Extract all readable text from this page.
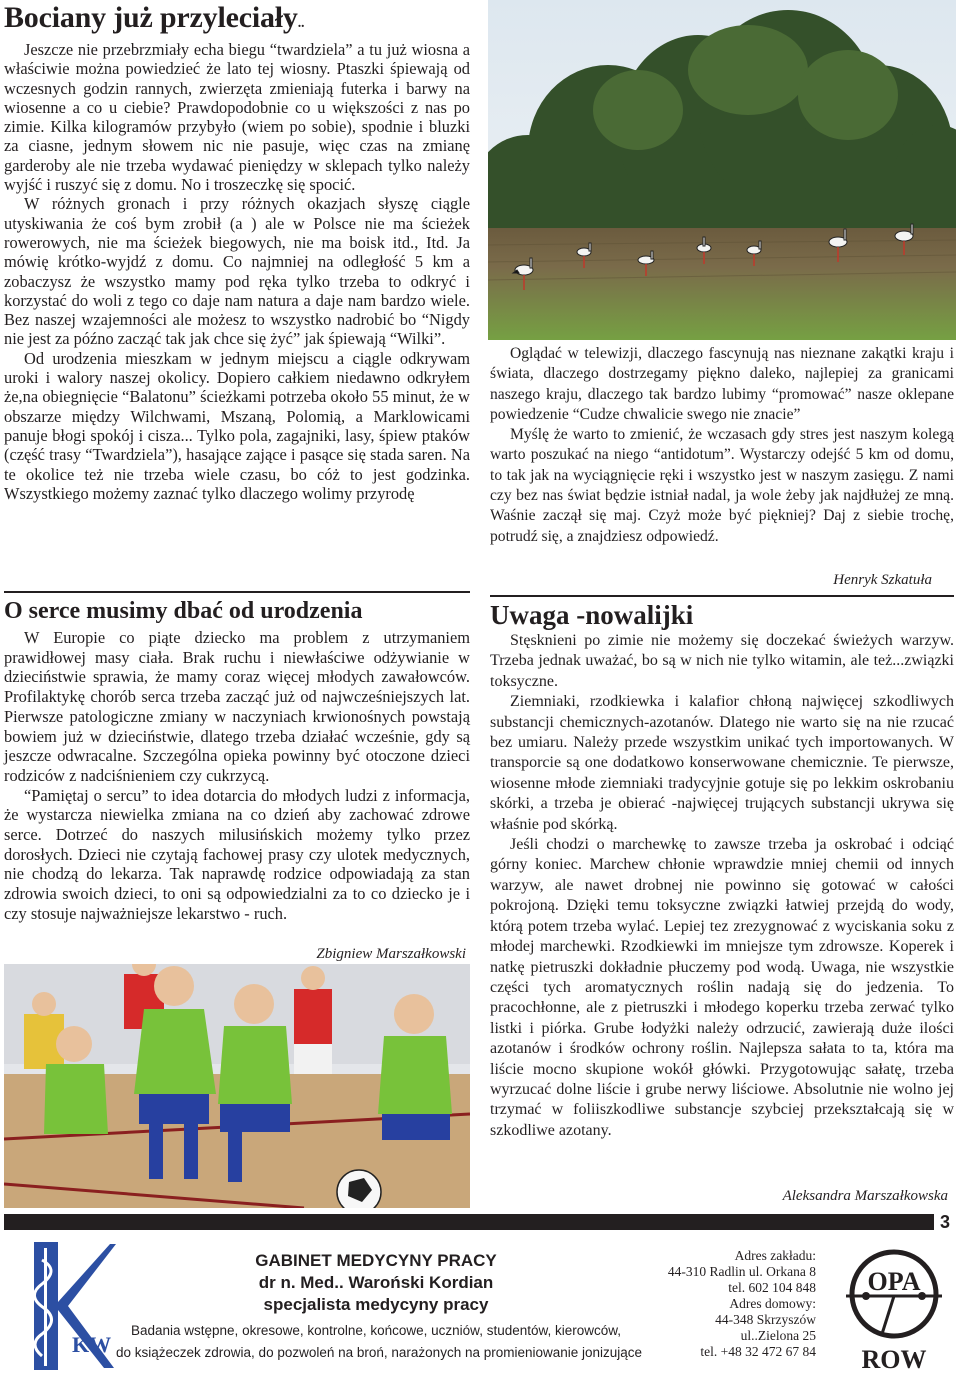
Bociany już przyleciały..

Jeszcze nie przebrzmiały echa biegu “twardziela” a tu już wiosna a właściwie można powiedzieć że lato tej wiosny. Ptaszki śpiewają od wczesnych godzin rannych, zwierzęta zmieniają futerka i barwy na wiosenne a co u ciebie? Prawdopodobnie co u większości z nas po zimie. Kilka kilogramów przybyło (wiem po sobie), spodnie i bluzki za ciasne, jednym słowem nic nie pasuje, więc czas na zmianę garderoby ale nie trzeba wydawać pieniędzy w sklepach tylko należy wyjść i ruszyć się z domu. No i troszeczkę się spocić.

W różnych gronach i przy różnych okazjach słyszę ciągle utyskiwania że coś bym zrobił (a ) ale w Polsce nie ma ścieżek rowerowych, nie ma ścieżek biegowych, nie ma boisk itd., Itd. Ja mówię krótko-wyjdź z domu. Co najmniej na odległość 5 km a zobaczysz że wszystko mamy pod ręka tylko trzeba to odkryć i korzystać do woli z tego co daje nam natura a daje nam bardzo wiele. Bez naszej wzajemności ale możesz to wszystko nadrobić bo “Nigdy nie jest za późno zacząć tak jak chce się żyć” jak śpiewają “Wilki”.

Od urodzenia mieszkam w jednym miejscu a ciągle odkrywam uroki i walory naszej okolicy. Dopiero całkiem niedawno odkryłem że,na obiegnięcie “Balatonu” ścieżkami potrzeba około 55 minut, że w obszarze między Wilchwami, Mszaną, Polomią, a Marklowicami panuje błogi spokój i cisza... Tylko pola, zagajniki, lasy, śpiew ptaków (część trasy “Twardziela”), hasające zające i pasące się stada saren. Na te okolice też nie trzeba wiele czasu, bo cóż to jest godzinka. Wszystkiego możemy zaznać tylko dlaczego wolimy przyrodę

Oglądać w telewizji, dlaczego fascynują nas nieznane zakątki kraju i świata, dlaczego dostrzegamy piękno daleko, najlepiej za granicami naszego kraju, dlaczego tak bardzo lubimy “promować” nasze oklepane powiedzenie “Cudze chwalicie swego nie znacie”

Myślę że warto to zmienić, że wczasach gdy stres jest naszym kolegą warto poszukać na niego “antidotum”. Wystarczy odejść 5 km od domu, to tak jak na wyciągnięcie ręki i wszystko jest w naszym zasięgu. Z nami czy bez nas świat będzie istniał nadal, ja wole żeby jak najdłużej ze mną. Waśnie zaczął się maj. Czyż może być piękniej? Daj z siebie trochę, potrudź się, a znajdziesz odpowiedź.

Henryk Szkatuła
O serce musimy dbać od urodzenia

W Europie co piąte dziecko ma problem z utrzymaniem prawidłowej masy ciała. Brak ruchu i niewłaściwe odżywianie w dzieciństwie sprawia, że mamy coraz więcej młodych zawałowców. Profilaktykę chorób serca trzeba zacząć już od najwcześniejszych lat. Pierwsze patologiczne zmiany w naczyniach krwionośnych powstają bowiem już w dzieciństwie, dlatego trzeba działać wcześnie, gdy są jeszcze odwracalne. Szczególna opieka powinny być otoczone dzieci rodziców z nadciśnieniem czy cukrzycą.

“Pamiętaj o sercu” to idea dotarcia do młodych ludzi z informacja, że wystarcza niewielka zmiana na co dzień aby zachować zdrowe serce. Dotrzeć do naszych milusińskich możemy tylko przez dorosłych. Dzieci nie czytają fachowej prasy czy ulotek medycznych, nie chodzą do lekarza. Tak naprawdę rodzice odpowiadają za stan zdrowia swoich dzieci, to oni są odpowiedzialni za to co dziecko je i czy stosuje najważniejsze lekarstwo - ruch.

Zbigniew Marszałkowski
Uwaga -nowalijki

Stęsknieni po zimie nie możemy się doczekać świeżych warzyw. Trzeba jednak uważać, bo są w nich nie tylko witamin, ale też...związki toksyczne.

Ziemniaki, rzodkiewka i kalafior chłoną najwięcej szkodliwych substancji chemicznych-azotanów. Dlatego nie warto się na nie rzucać bez umiaru. Należy przede wszystkim unikać tych importowanych. W transporcie są one dodatkowo konserwowane chemicznie. Te pierwsze, wiosenne młode ziemniaki tradycyjnie gotuje się po lekkim oskrobaniu skórki, a trzeba je obierać -najwięcej trujących substancji ukrywa się właśnie pod skórką.

Jeśli chodzi o marchewkę to zawsze trzeba ja oskrobać i odciąć górny koniec. Marchew chłonie wprawdzie mniej chemii od innych warzyw, ale nawet drobnej nie powinno się gotować w całości pokrojoną. Dzięki temu toksyczne związki łatwiej przejdą do wody, którą potem trzeba wylać. Lepiej tez zrezygnować z wyciskania soku z młodej marchewki. Rzodkiewki im mniejsze tym zdrowsze. Koperek i natkę pietruszki dokładnie płuczemy pod wodą. Uwaga, nie wszystkie części tych aromatycznych roślin nadają się do jedzenia. To pracochłonne, ale z pietruszki i młodego koperku trzeba zerwać tylko listki i piórka. Grube łodyżki należy odrzucić, zawierają duże ilości azotanów i środków ochrony roślin. Najlepsza sałata to ta, która ma liście mocno skupione wokół główki. Przygotowując sałatę, trzeba wyrzucać dolne liście i grube nerwy liściowe. Absolutnie nie wolno jej trzymać w foliiszkodliwe substancje szybciej przekształcają się w szkodliwe azotany.

Aleksandra Marszałkowska
3
KW
GABINET MEDYCYNY PRACY
dr n. Med.. Waroński Kordian
specjalista medycyny pracy
Badania wstępne, okresowe, kontrolne, końcowe, uczniów, studentów, kierowców,
do książeczek zdrowia, do pozwoleń na broń, narażonych na promieniowanie jonizujące
Adres zakładu:
44-310 Radlin ul. Orkana 8
tel. 602 104 848
Adres domowy:
44-348 Skrzyszów
ul..Zielona 25
tel. +48 32 472 67 84
OPA
ROW
